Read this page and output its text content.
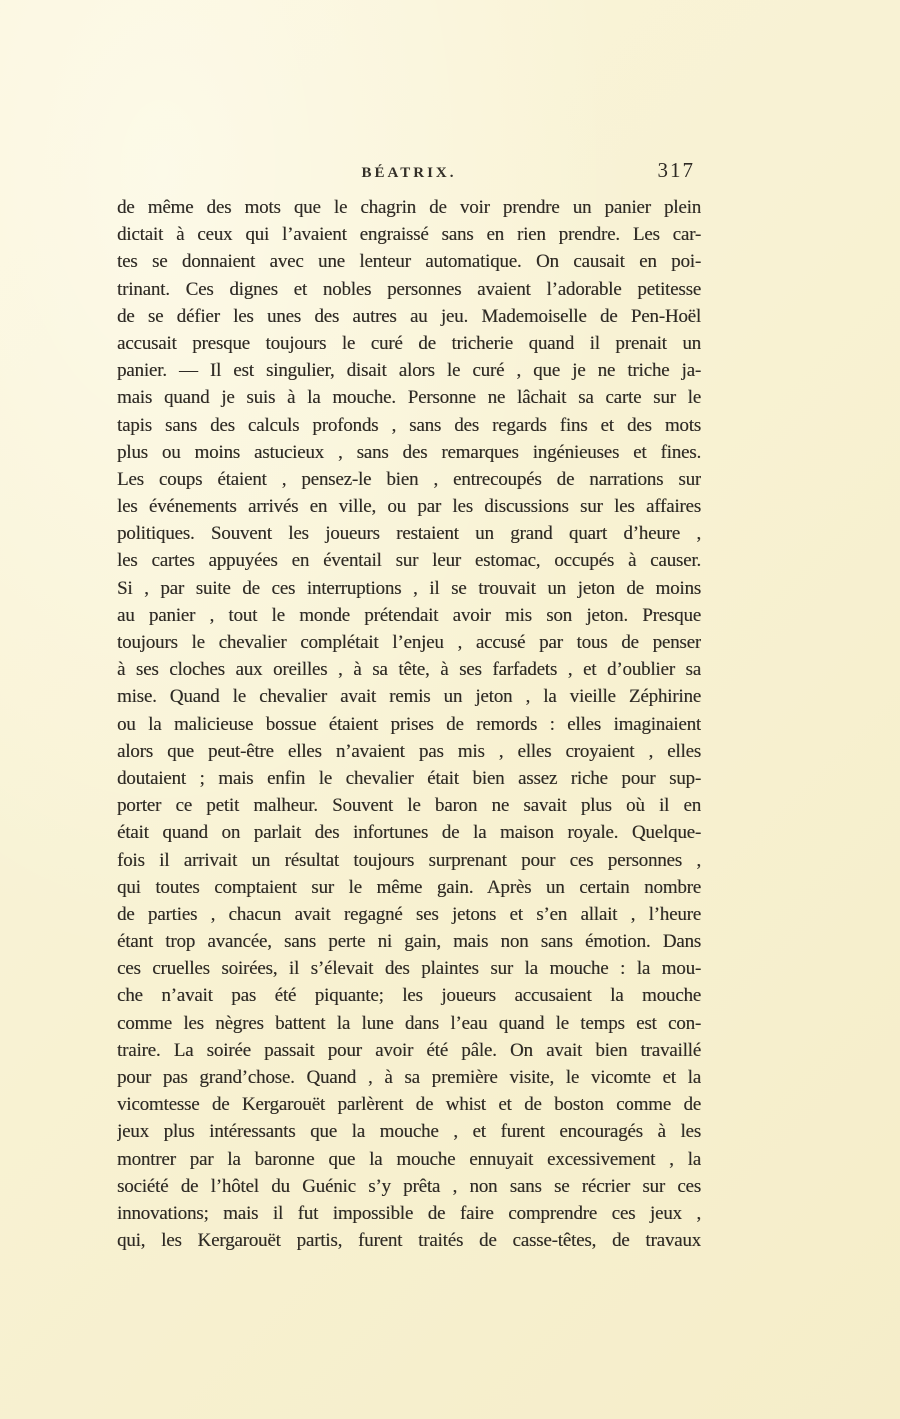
BÉATRIX.	317
de même des mots que le chagrin de voir prendre un panier plein
dictait à ceux qui l’avaient engraissé sans en rien prendre. Les car-
tes se donnaient avec une lenteur automatique. On causait en poi-
trinant. Ces dignes et nobles personnes avaient l’adorable petitesse
de se défier les unes des autres au jeu. Mademoiselle de Pen-Hoël
accusait presque toujours le curé de tricherie quand il prenait un
panier. — Il est singulier, disait alors le curé , que je ne triche ja-
mais quand je suis à la mouche. Personne ne lâchait sa carte sur le
tapis sans des calculs profonds , sans des regards fins et des mots
plus ou moins astucieux , sans des remarques ingénieuses et fines.
Les coups étaient , pensez-le bien , entrecoupés de narrations sur
les événements arrivés en ville, ou par les discussions sur les affaires
politiques. Souvent les joueurs restaient un grand quart d’heure ,
les cartes appuyées en éventail sur leur estomac, occupés à causer.
Si , par suite de ces interruptions , il se trouvait un jeton de moins
au panier , tout le monde prétendait avoir mis son jeton. Presque
toujours le chevalier complétait l’enjeu , accusé par tous de penser
à ses cloches aux oreilles , à sa tête, à ses farfadets , et d’oublier sa
mise. Quand le chevalier avait remis un jeton , la vieille Zéphirine
ou la malicieuse bossue étaient prises de remords : elles imaginaient
alors que peut-être elles n’avaient pas mis , elles croyaient , elles
doutaient ; mais enfin le chevalier était bien assez riche pour sup-
porter ce petit malheur. Souvent le baron ne savait plus où il en
était quand on parlait des infortunes de la maison royale. Quelque-
fois il arrivait un résultat toujours surprenant pour ces personnes ,
qui toutes comptaient sur le même gain. Après un certain nombre
de parties , chacun avait regagné ses jetons et s’en allait , l’heure
étant trop avancée, sans perte ni gain, mais non sans émotion. Dans
ces cruelles soirées, il s’élevait des plaintes sur la mouche : la mou-
che n’avait pas été piquante; les joueurs accusaient la mouche
comme les nègres battent la lune dans l’eau quand le temps est con-
traire. La soirée passait pour avoir été pâle. On avait bien travaillé
pour pas grand’chose. Quand , à sa première visite, le vicomte et la
vicomtesse de Kergarouët parlèrent de whist et de boston comme de
jeux plus intéressants que la mouche , et furent encouragés à les
montrer par la baronne que la mouche ennuyait excessivement , la
société de l’hôtel du Guénic s’y prêta , non sans se récrier sur ces
innovations; mais il fut impossible de faire comprendre ces jeux ,
qui, les Kergarouët partis, furent traités de casse-têtes, de travaux
